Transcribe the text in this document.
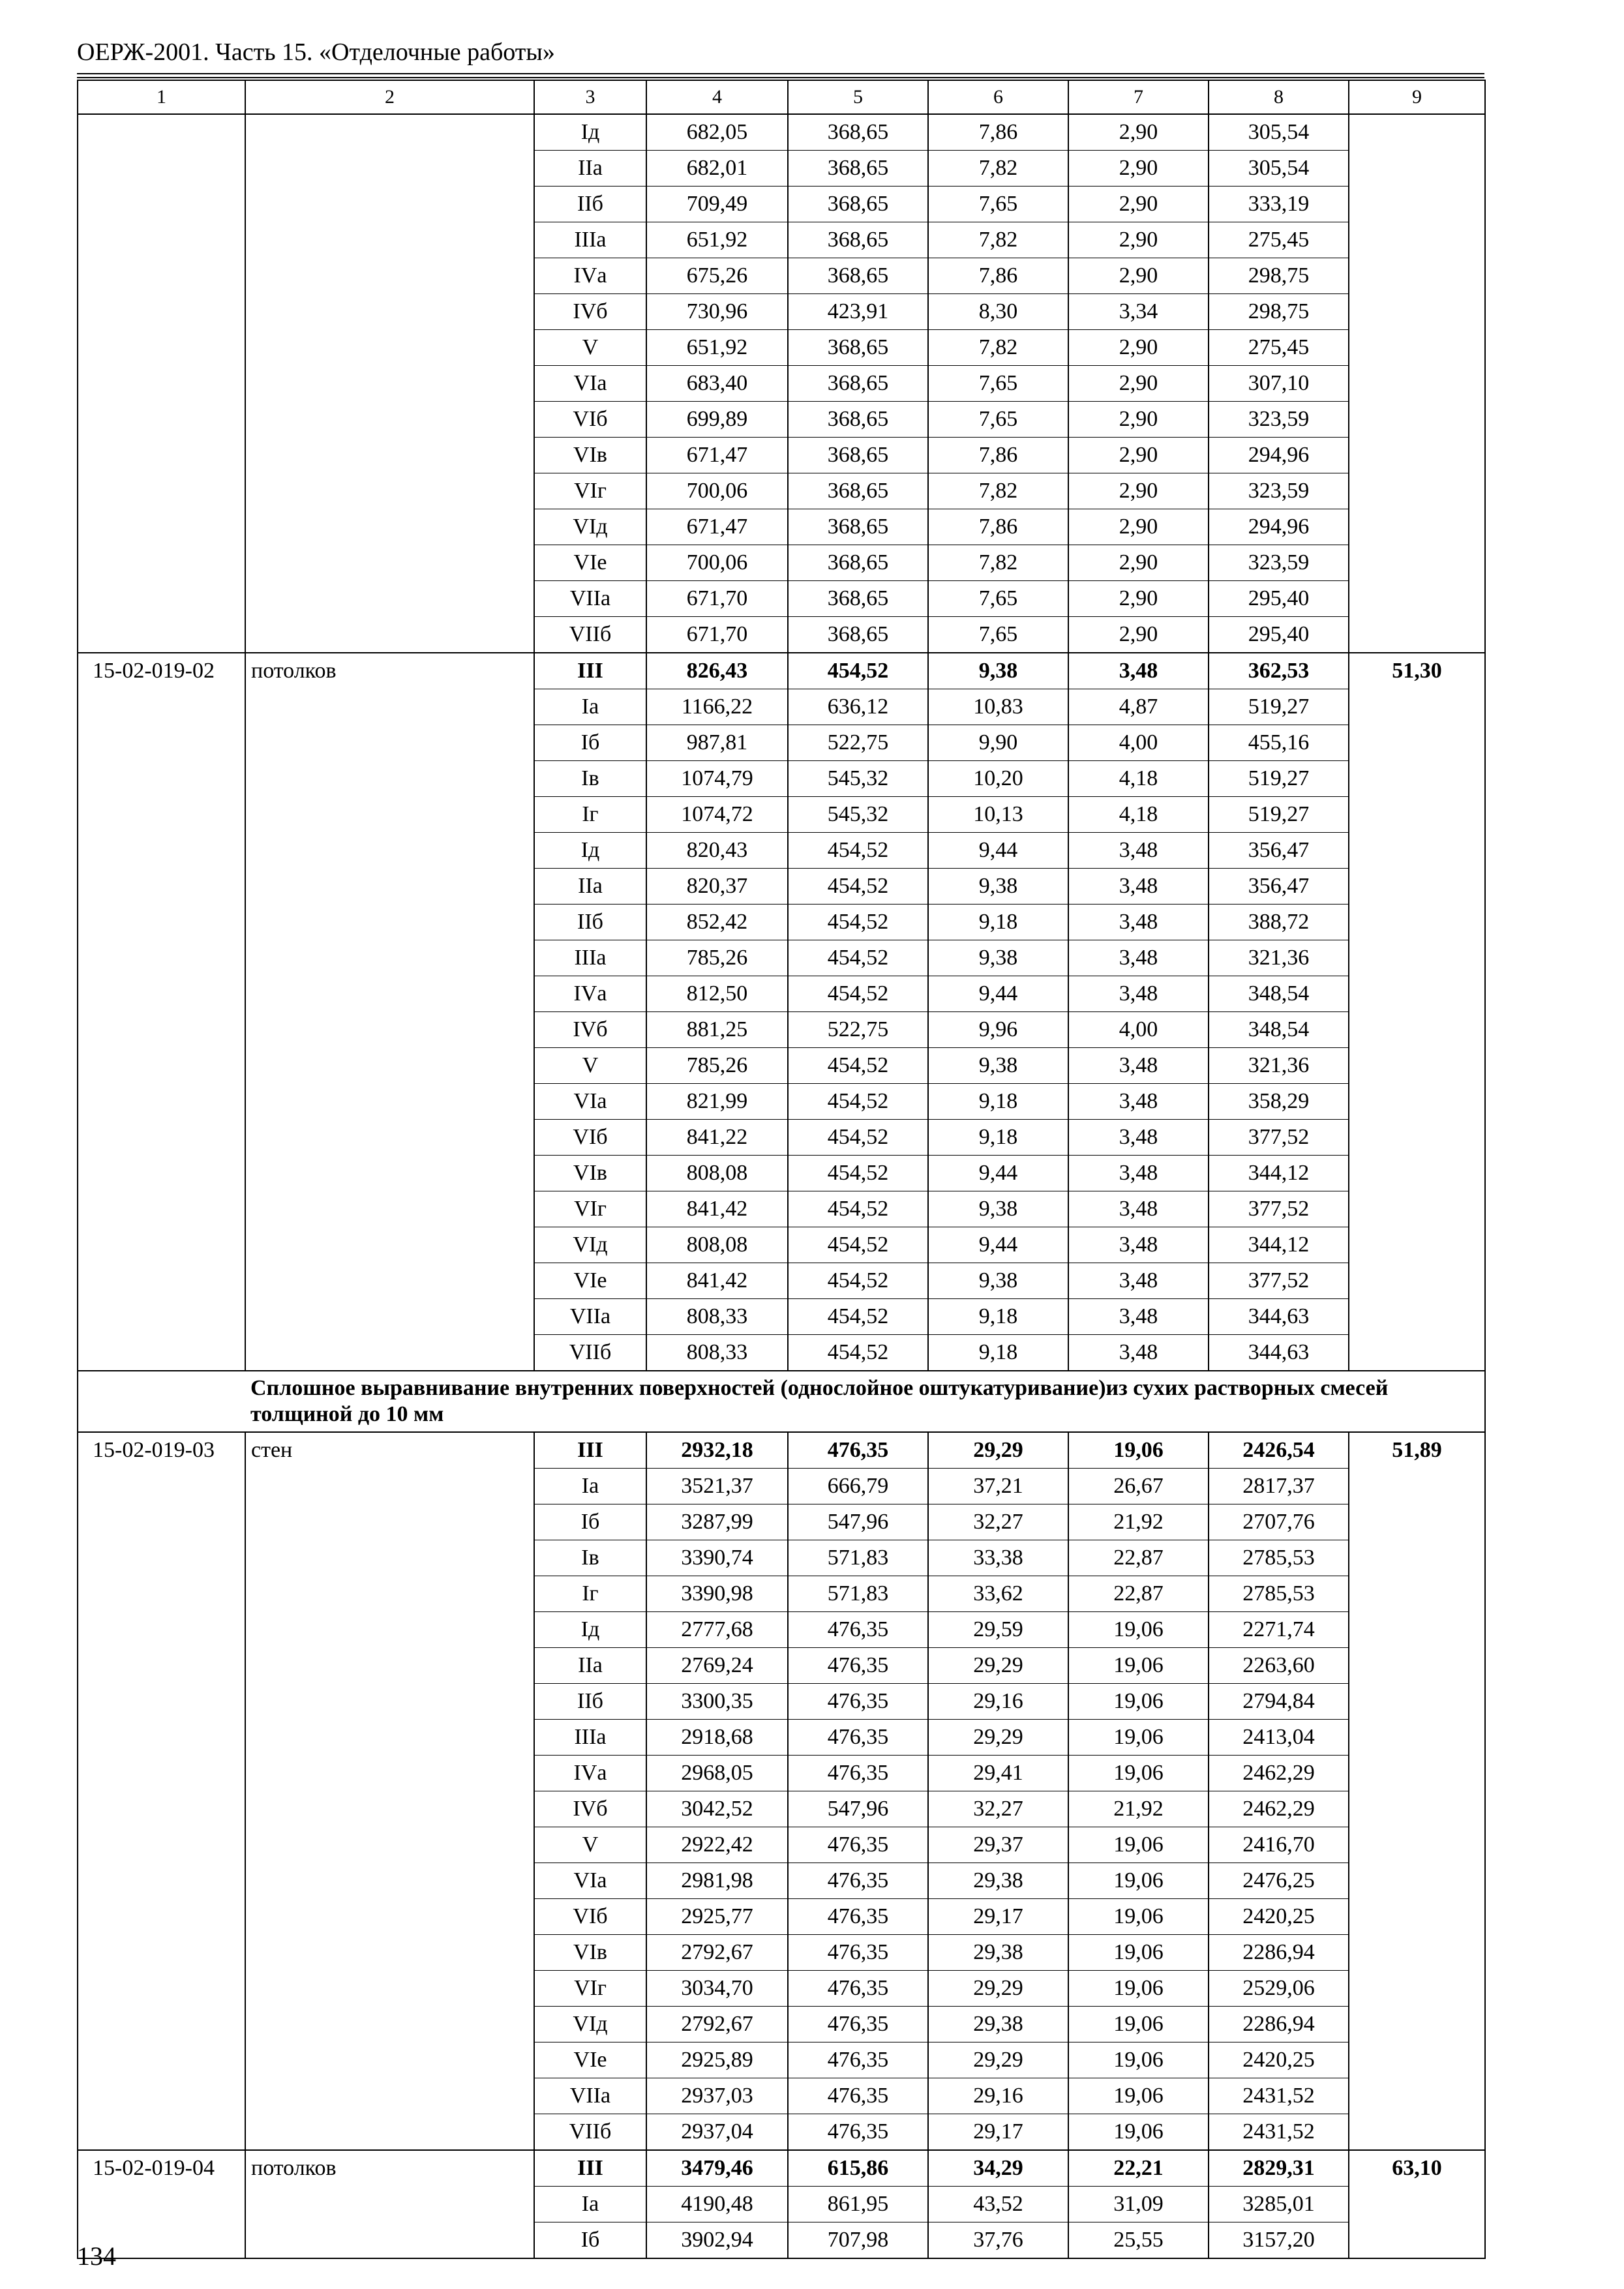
ОЕРЖ-2001. Часть 15. «Отделочные работы»
1	2	3	4	5	6	7	8	9
		Iд	682,05	368,65	7,86	2,90	305,54	
		IIа	682,01	368,65	7,82	2,90	305,54	
		IIб	709,49	368,65	7,65	2,90	333,19	
		IIIа	651,92	368,65	7,82	2,90	275,45	
		IVа	675,26	368,65	7,86	2,90	298,75	
		IVб	730,96	423,91	8,30	3,34	298,75	
		V	651,92	368,65	7,82	2,90	275,45	
		VIа	683,40	368,65	7,65	2,90	307,10	
		VIб	699,89	368,65	7,65	2,90	323,59	
		VIв	671,47	368,65	7,86	2,90	294,96	
		VIг	700,06	368,65	7,82	2,90	323,59	
		VIд	671,47	368,65	7,86	2,90	294,96	
		VIе	700,06	368,65	7,82	2,90	323,59	
		VIIа	671,70	368,65	7,65	2,90	295,40	
		VIIб	671,70	368,65	7,65	2,90	295,40	
15-02-019-02	потолков	III	826,43	454,52	9,38	3,48	362,53	51,30
		Iа	1166,22	636,12	10,83	4,87	519,27	
		Iб	987,81	522,75	9,90	4,00	455,16	
		Iв	1074,79	545,32	10,20	4,18	519,27	
		Iг	1074,72	545,32	10,13	4,18	519,27	
		Iд	820,43	454,52	9,44	3,48	356,47	
		IIа	820,37	454,52	9,38	3,48	356,47	
		IIб	852,42	454,52	9,18	3,48	388,72	
		IIIа	785,26	454,52	9,38	3,48	321,36	
		IVа	812,50	454,52	9,44	3,48	348,54	
		IVб	881,25	522,75	9,96	4,00	348,54	
		V	785,26	454,52	9,38	3,48	321,36	
		VIа	821,99	454,52	9,18	3,48	358,29	
		VIб	841,22	454,52	9,18	3,48	377,52	
		VIв	808,08	454,52	9,44	3,48	344,12	
		VIг	841,42	454,52	9,38	3,48	377,52	
		VIд	808,08	454,52	9,44	3,48	344,12	
		VIе	841,42	454,52	9,38	3,48	377,52	
		VIIа	808,33	454,52	9,18	3,48	344,63	
		VIIб	808,33	454,52	9,18	3,48	344,63	
	Сплошное выравнивание внутренних поверхностей (однослойное оштукатуривание)из сухих растворных смесей толщиной до 10 мм							
15-02-019-03	стен	III	2932,18	476,35	29,29	19,06	2426,54	51,89
		Iа	3521,37	666,79	37,21	26,67	2817,37	
		Iб	3287,99	547,96	32,27	21,92	2707,76	
		Iв	3390,74	571,83	33,38	22,87	2785,53	
		Iг	3390,98	571,83	33,62	22,87	2785,53	
		Iд	2777,68	476,35	29,59	19,06	2271,74	
		IIа	2769,24	476,35	29,29	19,06	2263,60	
		IIб	3300,35	476,35	29,16	19,06	2794,84	
		IIIа	2918,68	476,35	29,29	19,06	2413,04	
		IVа	2968,05	476,35	29,41	19,06	2462,29	
		IVб	3042,52	547,96	32,27	21,92	2462,29	
		V	2922,42	476,35	29,37	19,06	2416,70	
		VIа	2981,98	476,35	29,38	19,06	2476,25	
		VIб	2925,77	476,35	29,17	19,06	2420,25	
		VIв	2792,67	476,35	29,38	19,06	2286,94	
		VIг	3034,70	476,35	29,29	19,06	2529,06	
		VIд	2792,67	476,35	29,38	19,06	2286,94	
		VIе	2925,89	476,35	29,29	19,06	2420,25	
		VIIа	2937,03	476,35	29,16	19,06	2431,52	
		VIIб	2937,04	476,35	29,17	19,06	2431,52	
15-02-019-04	потолков	III	3479,46	615,86	34,29	22,21	2829,31	63,10
		Iа	4190,48	861,95	43,52	31,09	3285,01	
		Iб	3902,94	707,98	37,76	25,55	3157,20	
134
